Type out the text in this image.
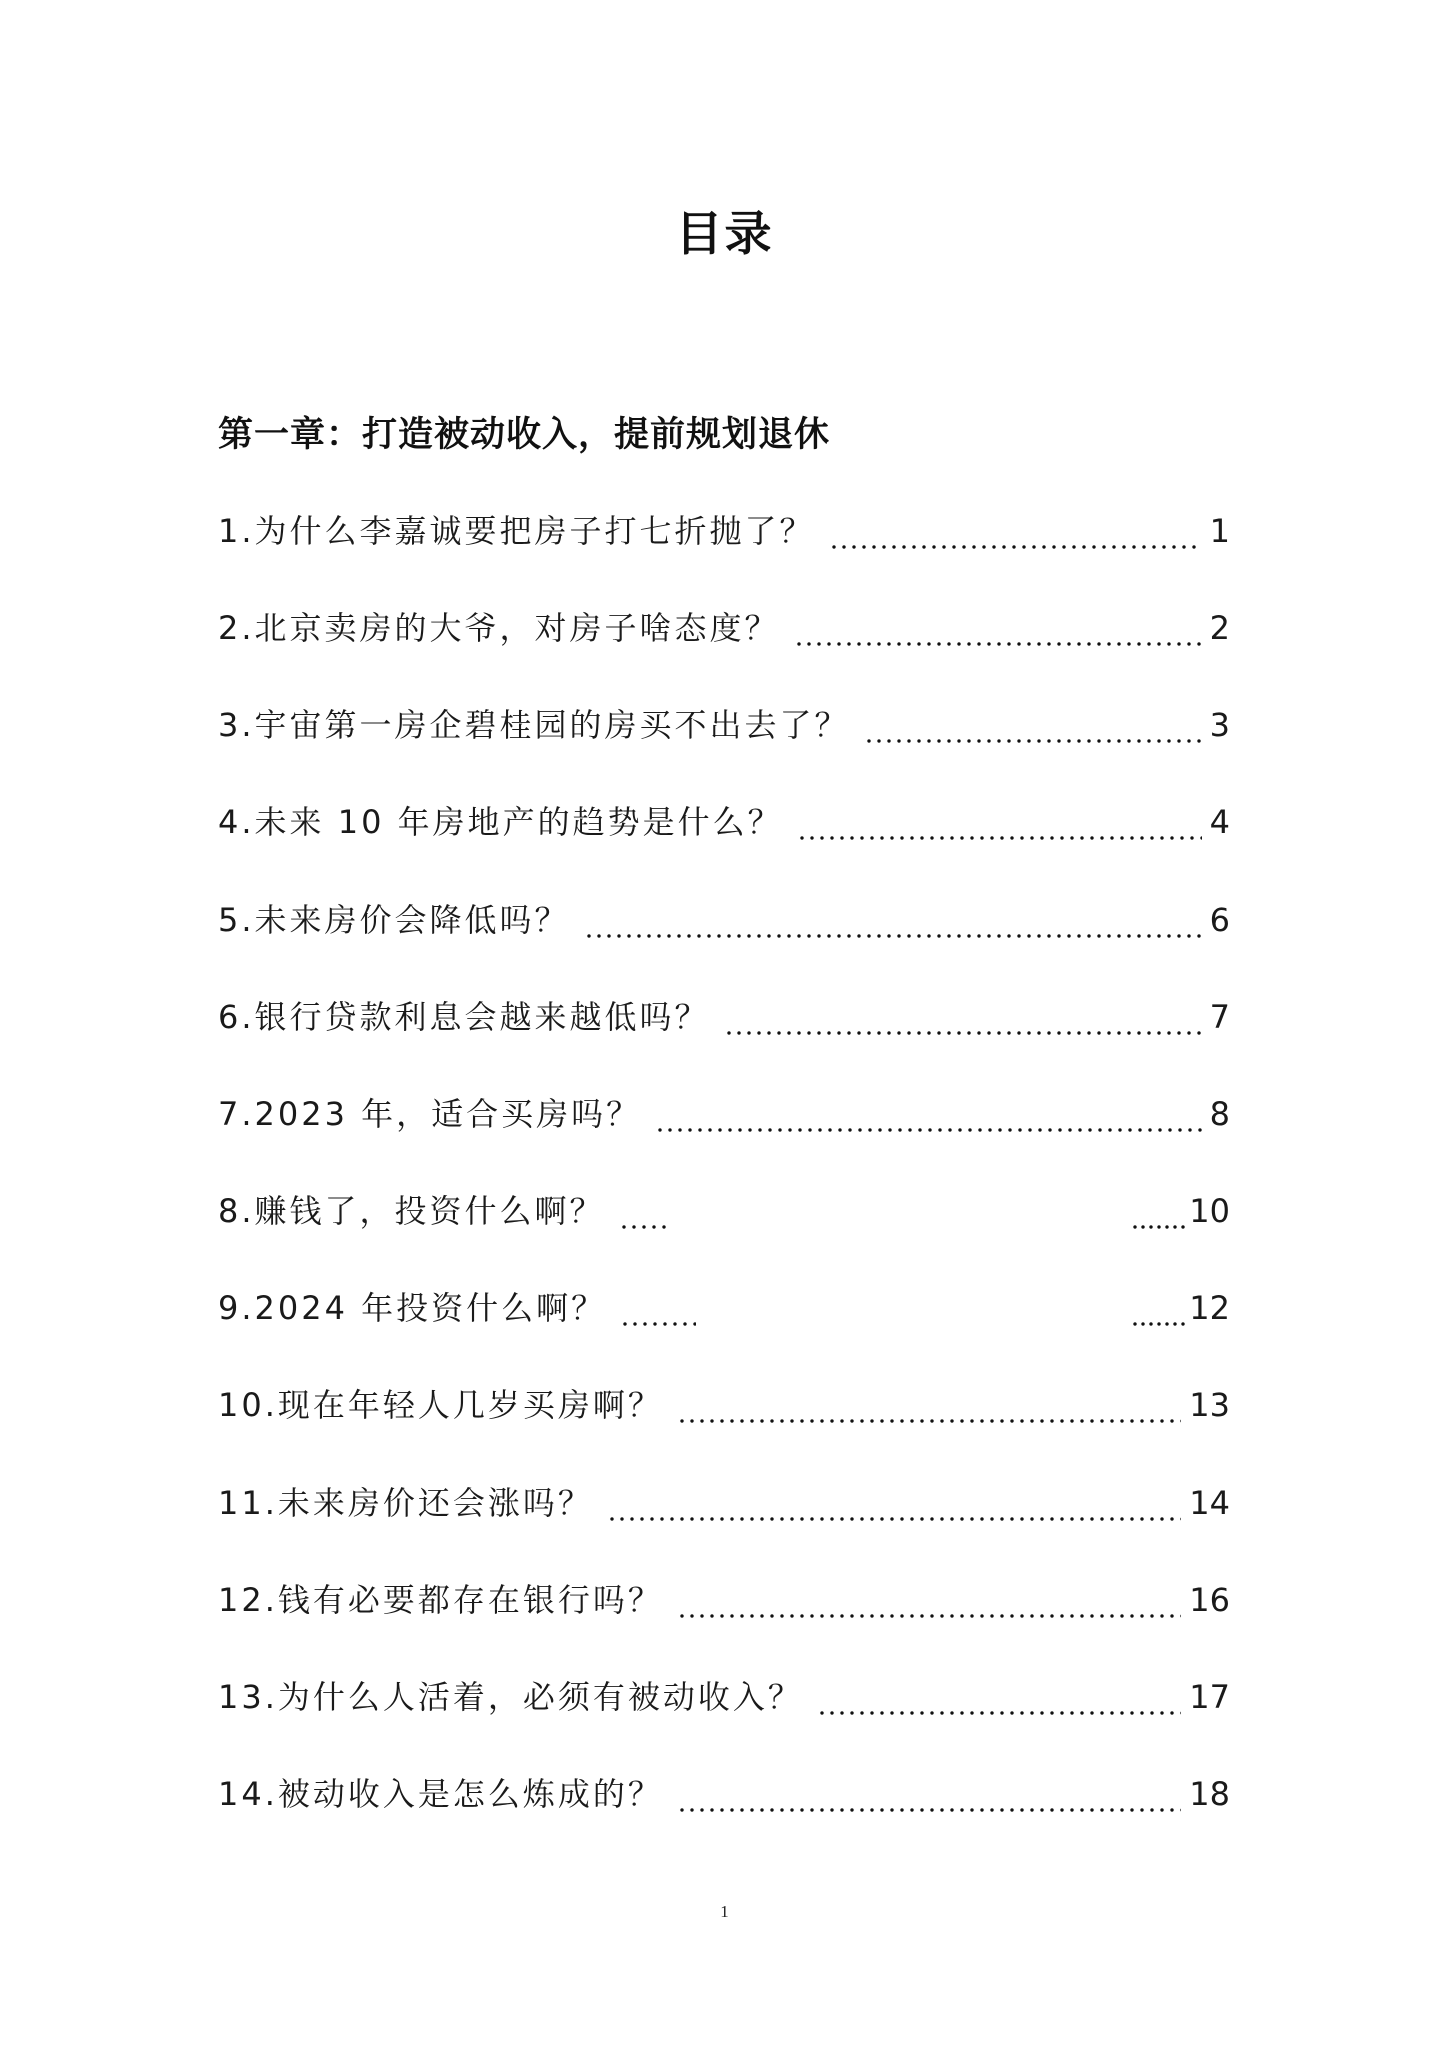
目录
第一章：打造被动收入，提前规划退休
1.为什么李嘉诚要把房子打七折抛了？	1
2.北京卖房的大爷，对房子啥态度？	2
3.宇宙第一房企碧桂园的房买不出去了？	3
4.未来 10 年房地产的趋势是什么？	4
5.未来房价会降低吗？	6
6.银行贷款利息会越来越低吗？	7
7.2023 年，适合买房吗？	8
8.赚钱了，投资什么啊？	10
9.2024 年投资什么啊？	12
10.现在年轻人几岁买房啊？	13
11.未来房价还会涨吗？	14
12.钱有必要都存在银行吗？	16
13.为什么人活着，必须有被动收入？	17
14.被动收入是怎么炼成的？	18
1
